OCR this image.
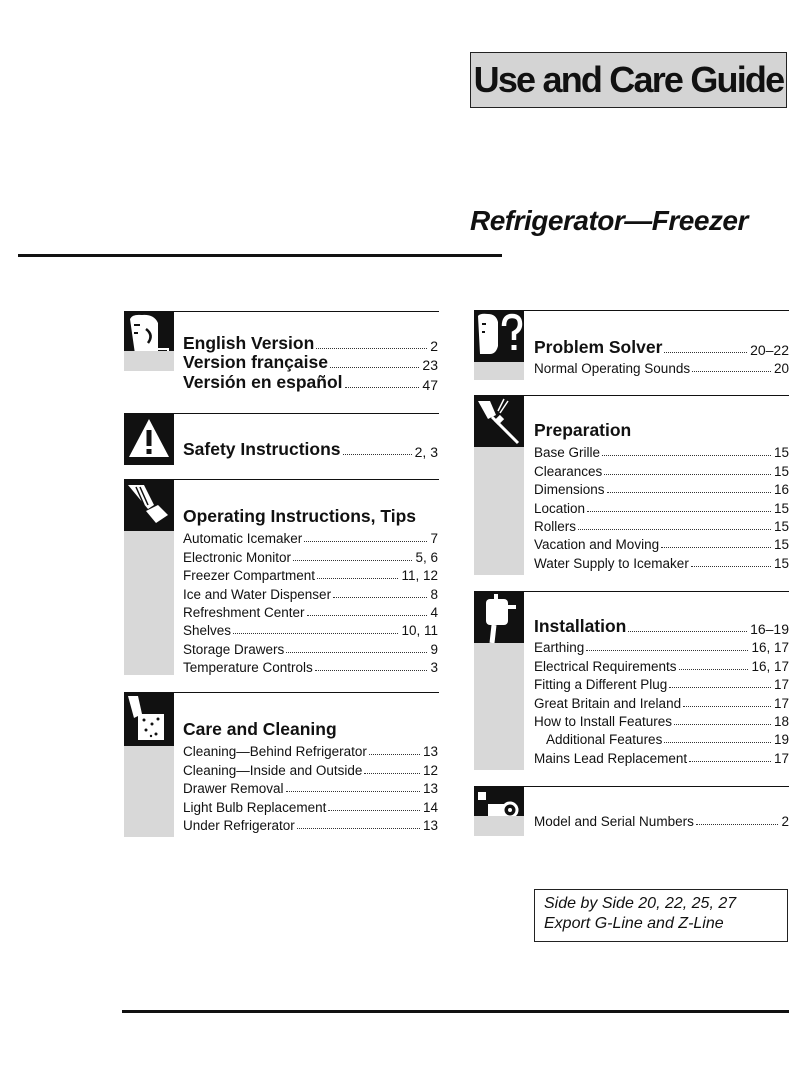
Use and Care Guide
Refrigerator—Freezer
English Version	2
Version française	23
Versión en español	47
Safety Instructions	2, 3
Operating Instructions, Tips
Automatic Icemaker	7
Electronic Monitor	5, 6
Freezer Compartment	11, 12
Ice and Water Dispenser	8
Refreshment Center	4
Shelves	10, 11
Storage Drawers	9
Temperature Controls	3
Care and Cleaning
Cleaning—Behind Refrigerator	13
Cleaning—Inside and Outside	12
Drawer Removal	13
Light Bulb Replacement	14
Under Refrigerator	13
Problem Solver	20–22
Normal Operating Sounds	20
Preparation
Base Grille	15
Clearances	15
Dimensions	16
Location	15
Rollers	15
Vacation and Moving	15
Water Supply to Icemaker	15
Installation	16–19
Earthing	16, 17
Electrical Requirements	16, 17
Fitting a Different Plug	17
Great Britain and Ireland	17
How to Install Features	18
Additional Features	19
Mains Lead Replacement	17
Model and Serial Numbers	2
Side by Side 20, 22, 25, 27
Export G-Line and Z-Line
